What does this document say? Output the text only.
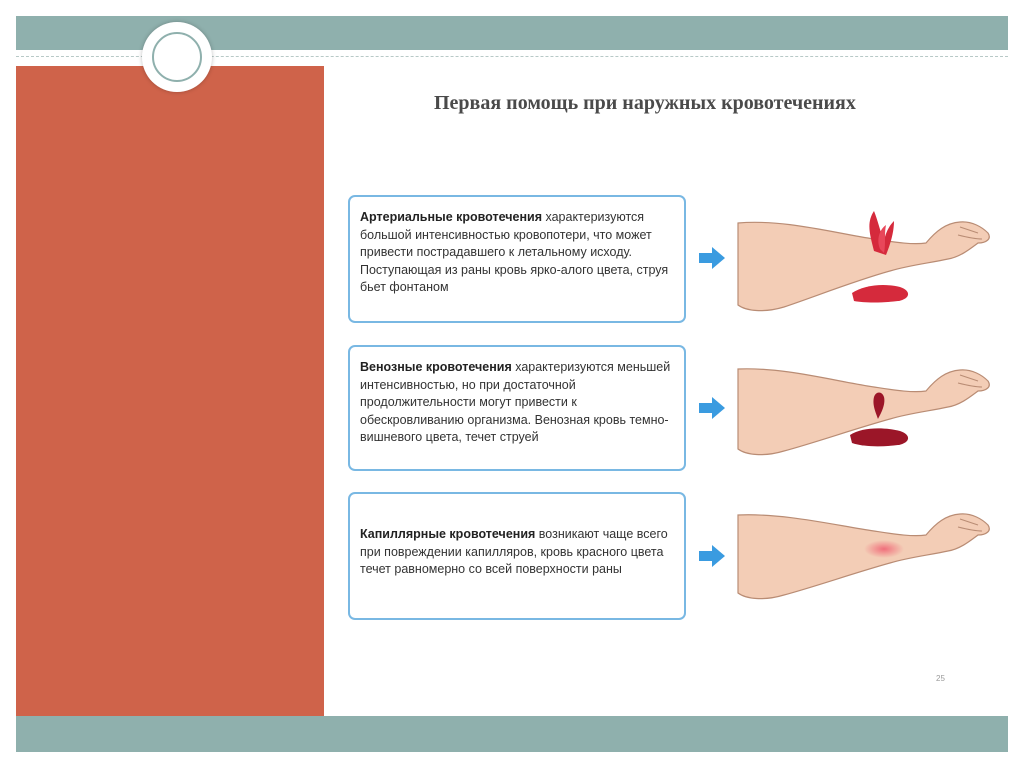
Первая помощь при наружных кровотечениях
Артериальные кровотечения характеризуются большой интенсивностью кровопотери, что может привести пострадавшего к летальному исходу. Поступающая из раны кровь ярко-алого цвета, струя бьет фонтаном
Венозные кровотечения характеризуются меньшей интенсивностью, но при достаточной продолжительности могут привести к обескровливанию организма. Венозная кровь темно-вишневого цвета, течет струей
Капиллярные кровотечения возникают чаще всего при повреждении капилляров, кровь красного цвета течет равномерно со всей поверхности раны
25
